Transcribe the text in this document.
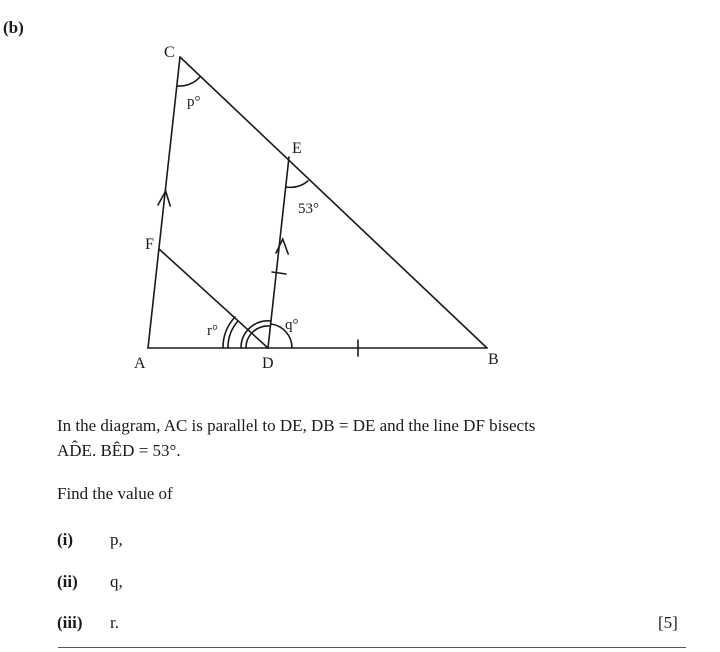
(b)
C
E
F
A	D	B
p°
53°
q°
r°
In the diagram, AC is parallel to DE, DB = DE and the line DF bisects
AD̂E. BÊD = 53°.
Find the value of
(i) p,
(ii) q,
(iii) r.	[5]
